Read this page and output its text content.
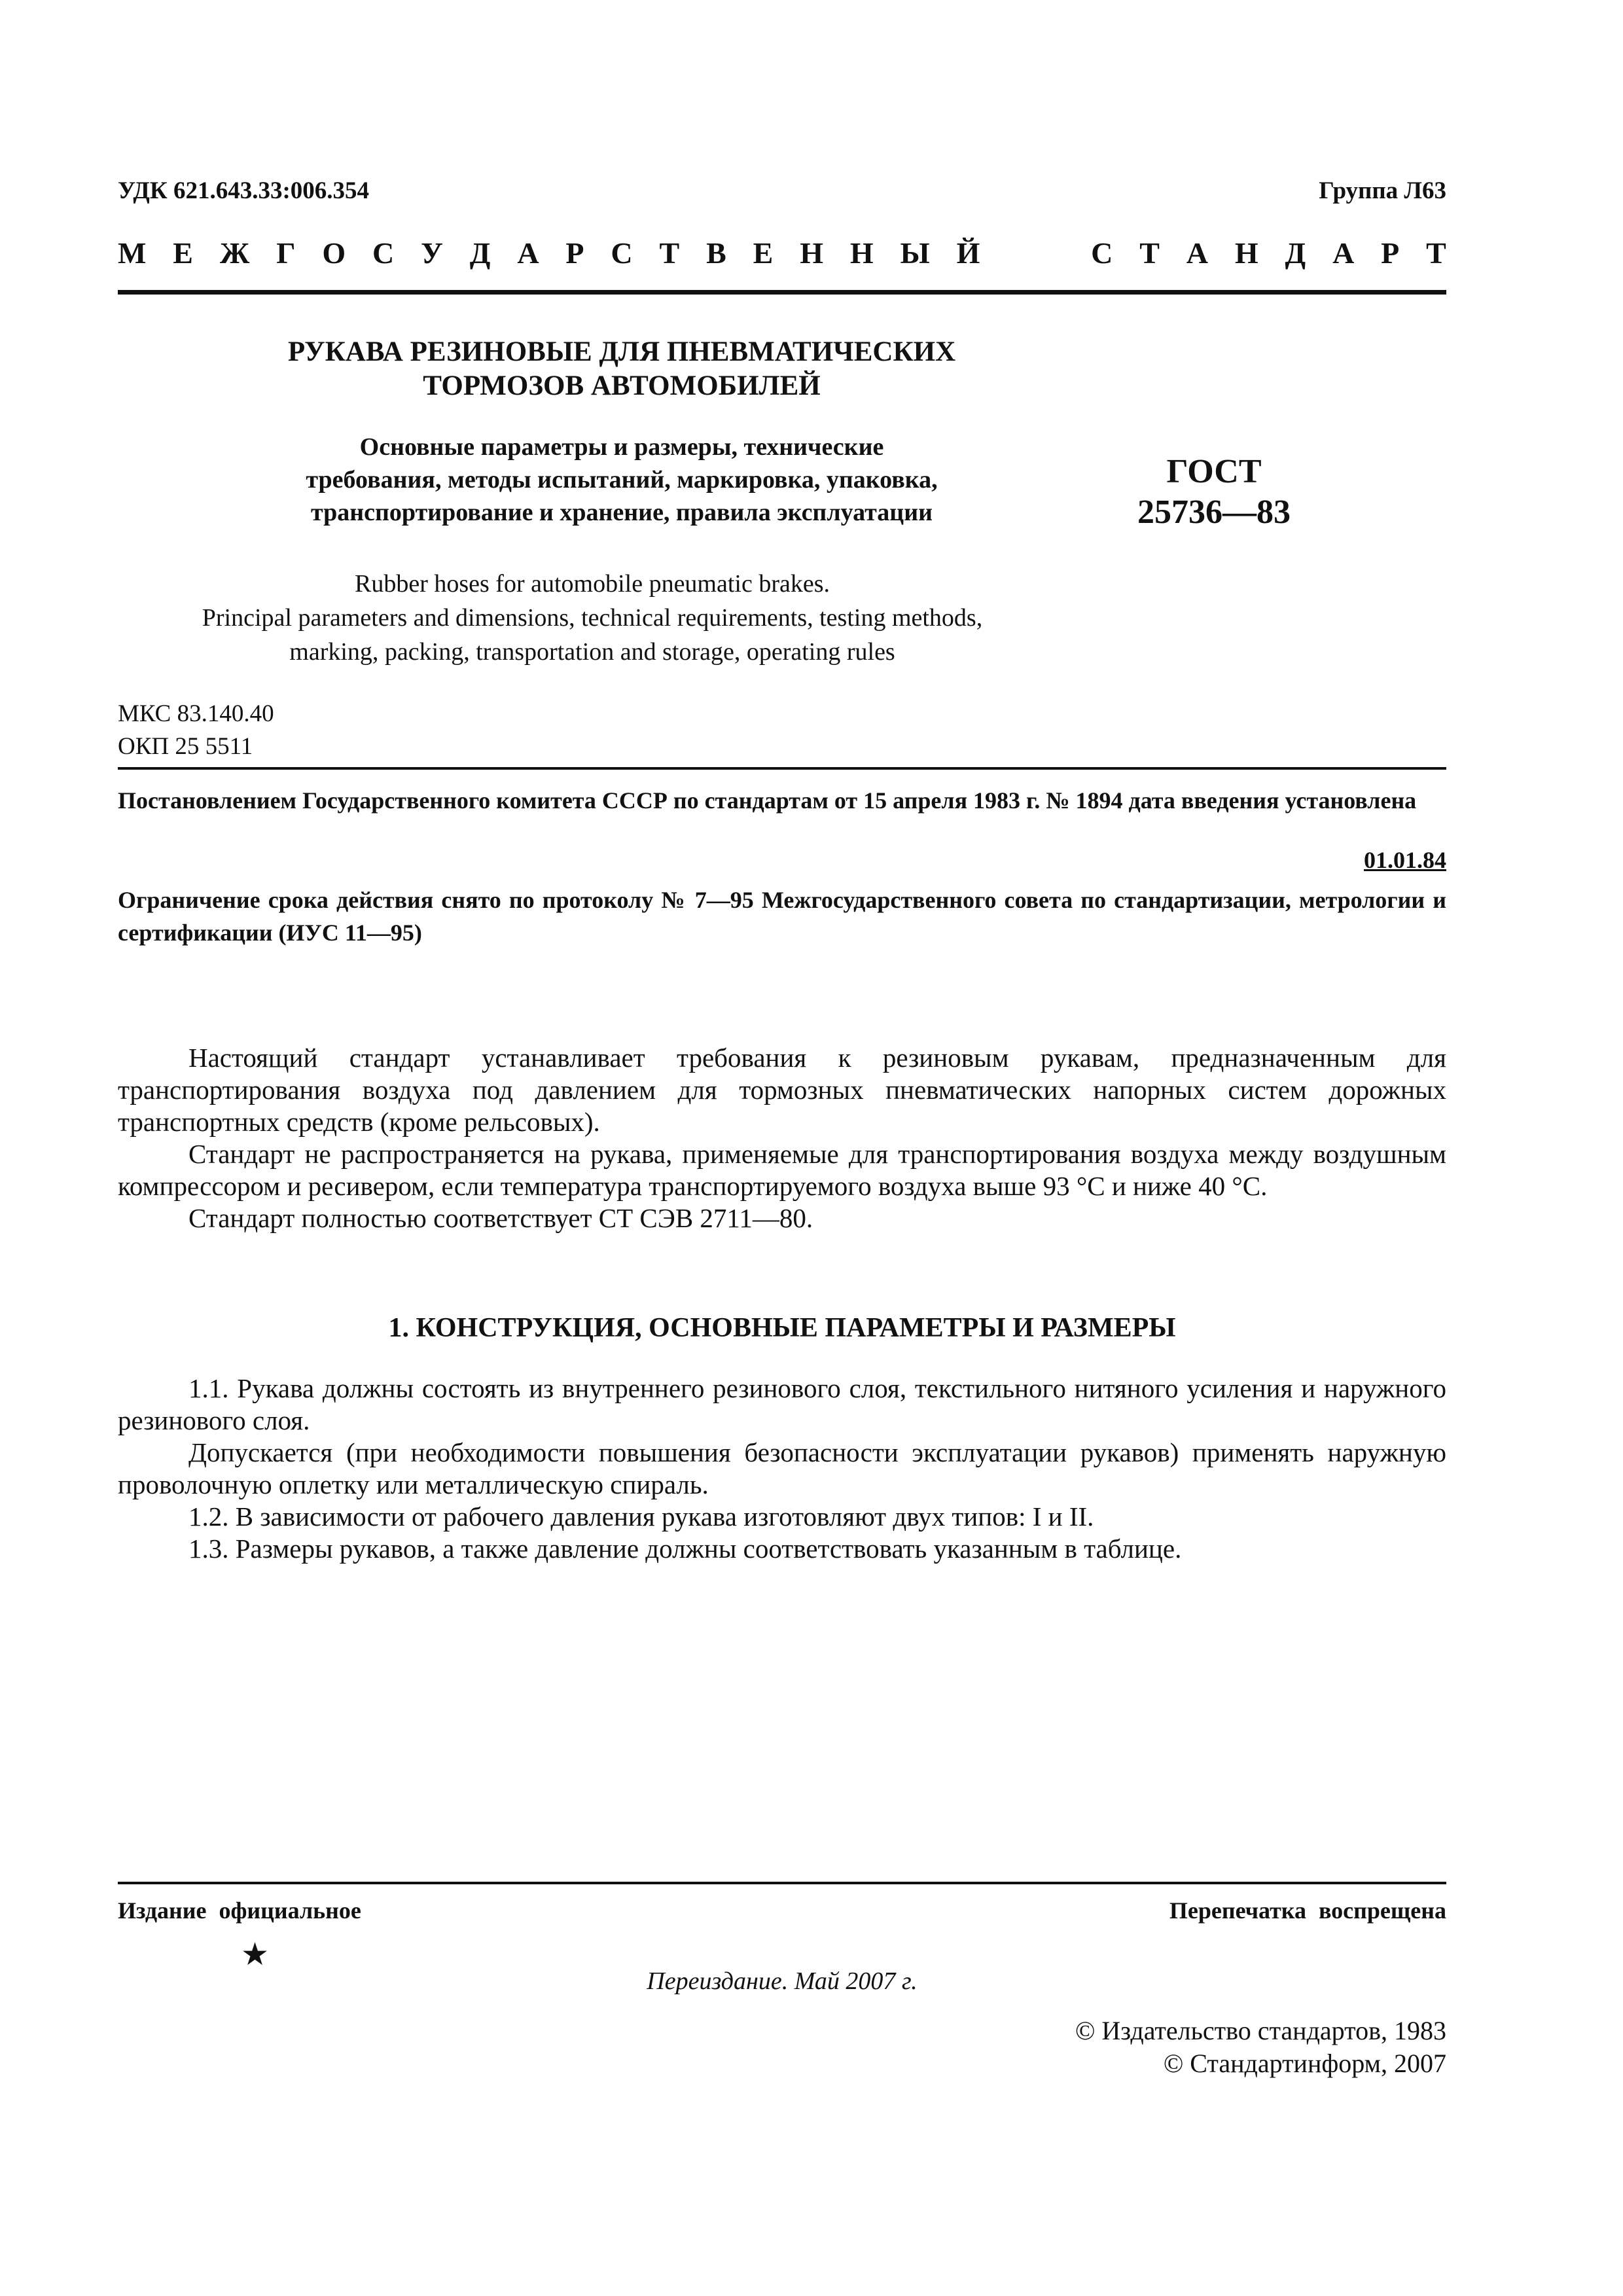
УДК 621.643.33:006.354	Группа Л63
М Е Ж Г О С У Д А Р С Т В Е Н Н Ы Й	С Т А Н Д А Р Т
РУКАВА РЕЗИНОВЫЕ ДЛЯ ПНЕВМАТИЧЕСКИХ
ТОРМОЗОВ АВТОМОБИЛЕЙ
Основные параметры и размеры, технические
требования, методы испытаний, маркировка, упаковка,
транспортирование и хранение, правила эксплуатации
ГОСТ
25736—83
Rubber hoses for automobile pneumatic brakes.
Principal parameters and dimensions, technical requirements, testing methods,
marking, packing, transportation and storage, operating rules
МКС 83.140.40
ОКП 25 5511
Постановлением Государственного комитета СССР по стандартам от 15 апреля 1983 г. № 1894 дата введения установлена
01.01.84
Ограничение срока действия снято по протоколу № 7—95 Межгосударственного совета по стандартизации, метрологии и сертификации (ИУС 11—95)

Настоящий стандарт устанавливает требования к резиновым рукавам, предназначенным для транспортирования воздуха под давлением для тормозных пневматических напорных систем дорожных транспортных средств (кроме рельсовых).

Стандарт не распространяется на рукава, применяемые для транспортирования воздуха между воздушным компрессором и ресивером, если температура транспортируемого воздуха выше 93 °С и ниже 40 °С.

Стандарт полностью соответствует СТ СЭВ 2711—80.

1. КОНСТРУКЦИЯ, ОСНОВНЫЕ ПАРАМЕТРЫ И РАЗМЕРЫ

1.1. Рукава должны состоять из внутреннего резинового слоя, текстильного нитяного усиления и наружного резинового слоя.

Допускается (при необходимости повышения безопасности эксплуатации рукавов) применять наружную проволочную оплетку или металлическую спираль.

1.2. В зависимости от рабочего давления рукава изготовляют двух типов: I и II.

1.3. Размеры рукавов, а также давление должны соответствовать указанным в таблице.

Издание официальное	Перепечатка воспрещена
★
Переиздание. Май 2007 г.
© Издательство стандартов, 1983
© Стандартинформ, 2007
